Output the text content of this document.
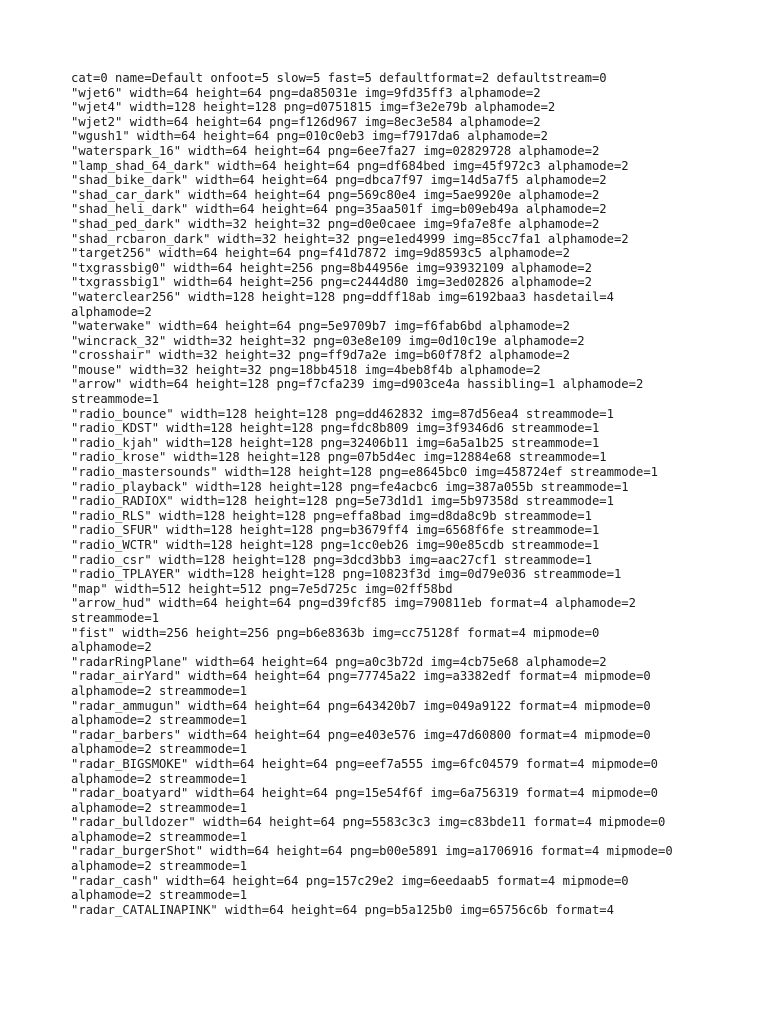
cat=0 name=Default onfoot=5 slow=5 fast=5 defaultformat=2 defaultstream=0
"wjet6" width=64 height=64 png=da85031e img=9fd35ff3 alphamode=2
"wjet4" width=128 height=128 png=d0751815 img=f3e2e79b alphamode=2
"wjet2" width=64 height=64 png=f126d967 img=8ec3e584 alphamode=2
"wgush1" width=64 height=64 png=010c0eb3 img=f7917da6 alphamode=2
"waterspark_16" width=64 height=64 png=6ee7fa27 img=02829728 alphamode=2
"lamp_shad_64_dark" width=64 height=64 png=df684bed img=45f972c3 alphamode=2
"shad_bike_dark" width=64 height=64 png=dbca7f97 img=14d5a7f5 alphamode=2
"shad_car_dark" width=64 height=64 png=569c80e4 img=5ae9920e alphamode=2
"shad_heli_dark" width=64 height=64 png=35aa501f img=b09eb49a alphamode=2
"shad_ped_dark" width=32 height=32 png=d0e0caee img=9fa7e8fe alphamode=2
"shad_rcbaron_dark" width=32 height=32 png=e1ed4999 img=85cc7fa1 alphamode=2
"target256" width=64 height=64 png=f41d7872 img=9d8593c5 alphamode=2
"txgrassbig0" width=64 height=256 png=8b44956e img=93932109 alphamode=2
"txgrassbig1" width=64 height=256 png=c2444d80 img=3ed02826 alphamode=2
"waterclear256" width=128 height=128 png=ddff18ab img=6192baa3 hasdetail=4
alphamode=2
"waterwake" width=64 height=64 png=5e9709b7 img=f6fab6bd alphamode=2
"wincrack_32" width=32 height=32 png=03e8e109 img=0d10c19e alphamode=2
"crosshair" width=32 height=32 png=ff9d7a2e img=b60f78f2 alphamode=2
"mouse" width=32 height=32 png=18bb4518 img=4beb8f4b alphamode=2
"arrow" width=64 height=128 png=f7cfa239 img=d903ce4a hassibling=1 alphamode=2
streammode=1
"radio_bounce" width=128 height=128 png=dd462832 img=87d56ea4 streammode=1
"radio_KDST" width=128 height=128 png=fdc8b809 img=3f9346d6 streammode=1
"radio_kjah" width=128 height=128 png=32406b11 img=6a5a1b25 streammode=1
"radio_krose" width=128 height=128 png=07b5d4ec img=12884e68 streammode=1
"radio_mastersounds" width=128 height=128 png=e8645bc0 img=458724ef streammode=1
"radio_playback" width=128 height=128 png=fe4acbc6 img=387a055b streammode=1
"radio_RADIOX" width=128 height=128 png=5e73d1d1 img=5b97358d streammode=1
"radio_RLS" width=128 height=128 png=effa8bad img=d8da8c9b streammode=1
"radio_SFUR" width=128 height=128 png=b3679ff4 img=6568f6fe streammode=1
"radio_WCTR" width=128 height=128 png=1cc0eb26 img=90e85cdb streammode=1
"radio_csr" width=128 height=128 png=3dcd3bb3 img=aac27cf1 streammode=1
"radio_TPLAYER" width=128 height=128 png=10823f3d img=0d79e036 streammode=1
"map" width=512 height=512 png=7e5d725c img=02ff58bd
"arrow_hud" width=64 height=64 png=d39fcf85 img=790811eb format=4 alphamode=2
streammode=1
"fist" width=256 height=256 png=b6e8363b img=cc75128f format=4 mipmode=0
alphamode=2
"radarRingPlane" width=64 height=64 png=a0c3b72d img=4cb75e68 alphamode=2
"radar_airYard" width=64 height=64 png=77745a22 img=a3382edf format=4 mipmode=0
alphamode=2 streammode=1
"radar_ammugun" width=64 height=64 png=643420b7 img=049a9122 format=4 mipmode=0
alphamode=2 streammode=1
"radar_barbers" width=64 height=64 png=e403e576 img=47d60800 format=4 mipmode=0
alphamode=2 streammode=1
"radar_BIGSMOKE" width=64 height=64 png=eef7a555 img=6fc04579 format=4 mipmode=0
alphamode=2 streammode=1
"radar_boatyard" width=64 height=64 png=15e54f6f img=6a756319 format=4 mipmode=0
alphamode=2 streammode=1
"radar_bulldozer" width=64 height=64 png=5583c3c3 img=c83bde11 format=4 mipmode=0
alphamode=2 streammode=1
"radar_burgerShot" width=64 height=64 png=b00e5891 img=a1706916 format=4 mipmode=0
alphamode=2 streammode=1
"radar_cash" width=64 height=64 png=157c29e2 img=6eedaab5 format=4 mipmode=0
alphamode=2 streammode=1
"radar_CATALINAPINK" width=64 height=64 png=b5a125b0 img=65756c6b format=4
